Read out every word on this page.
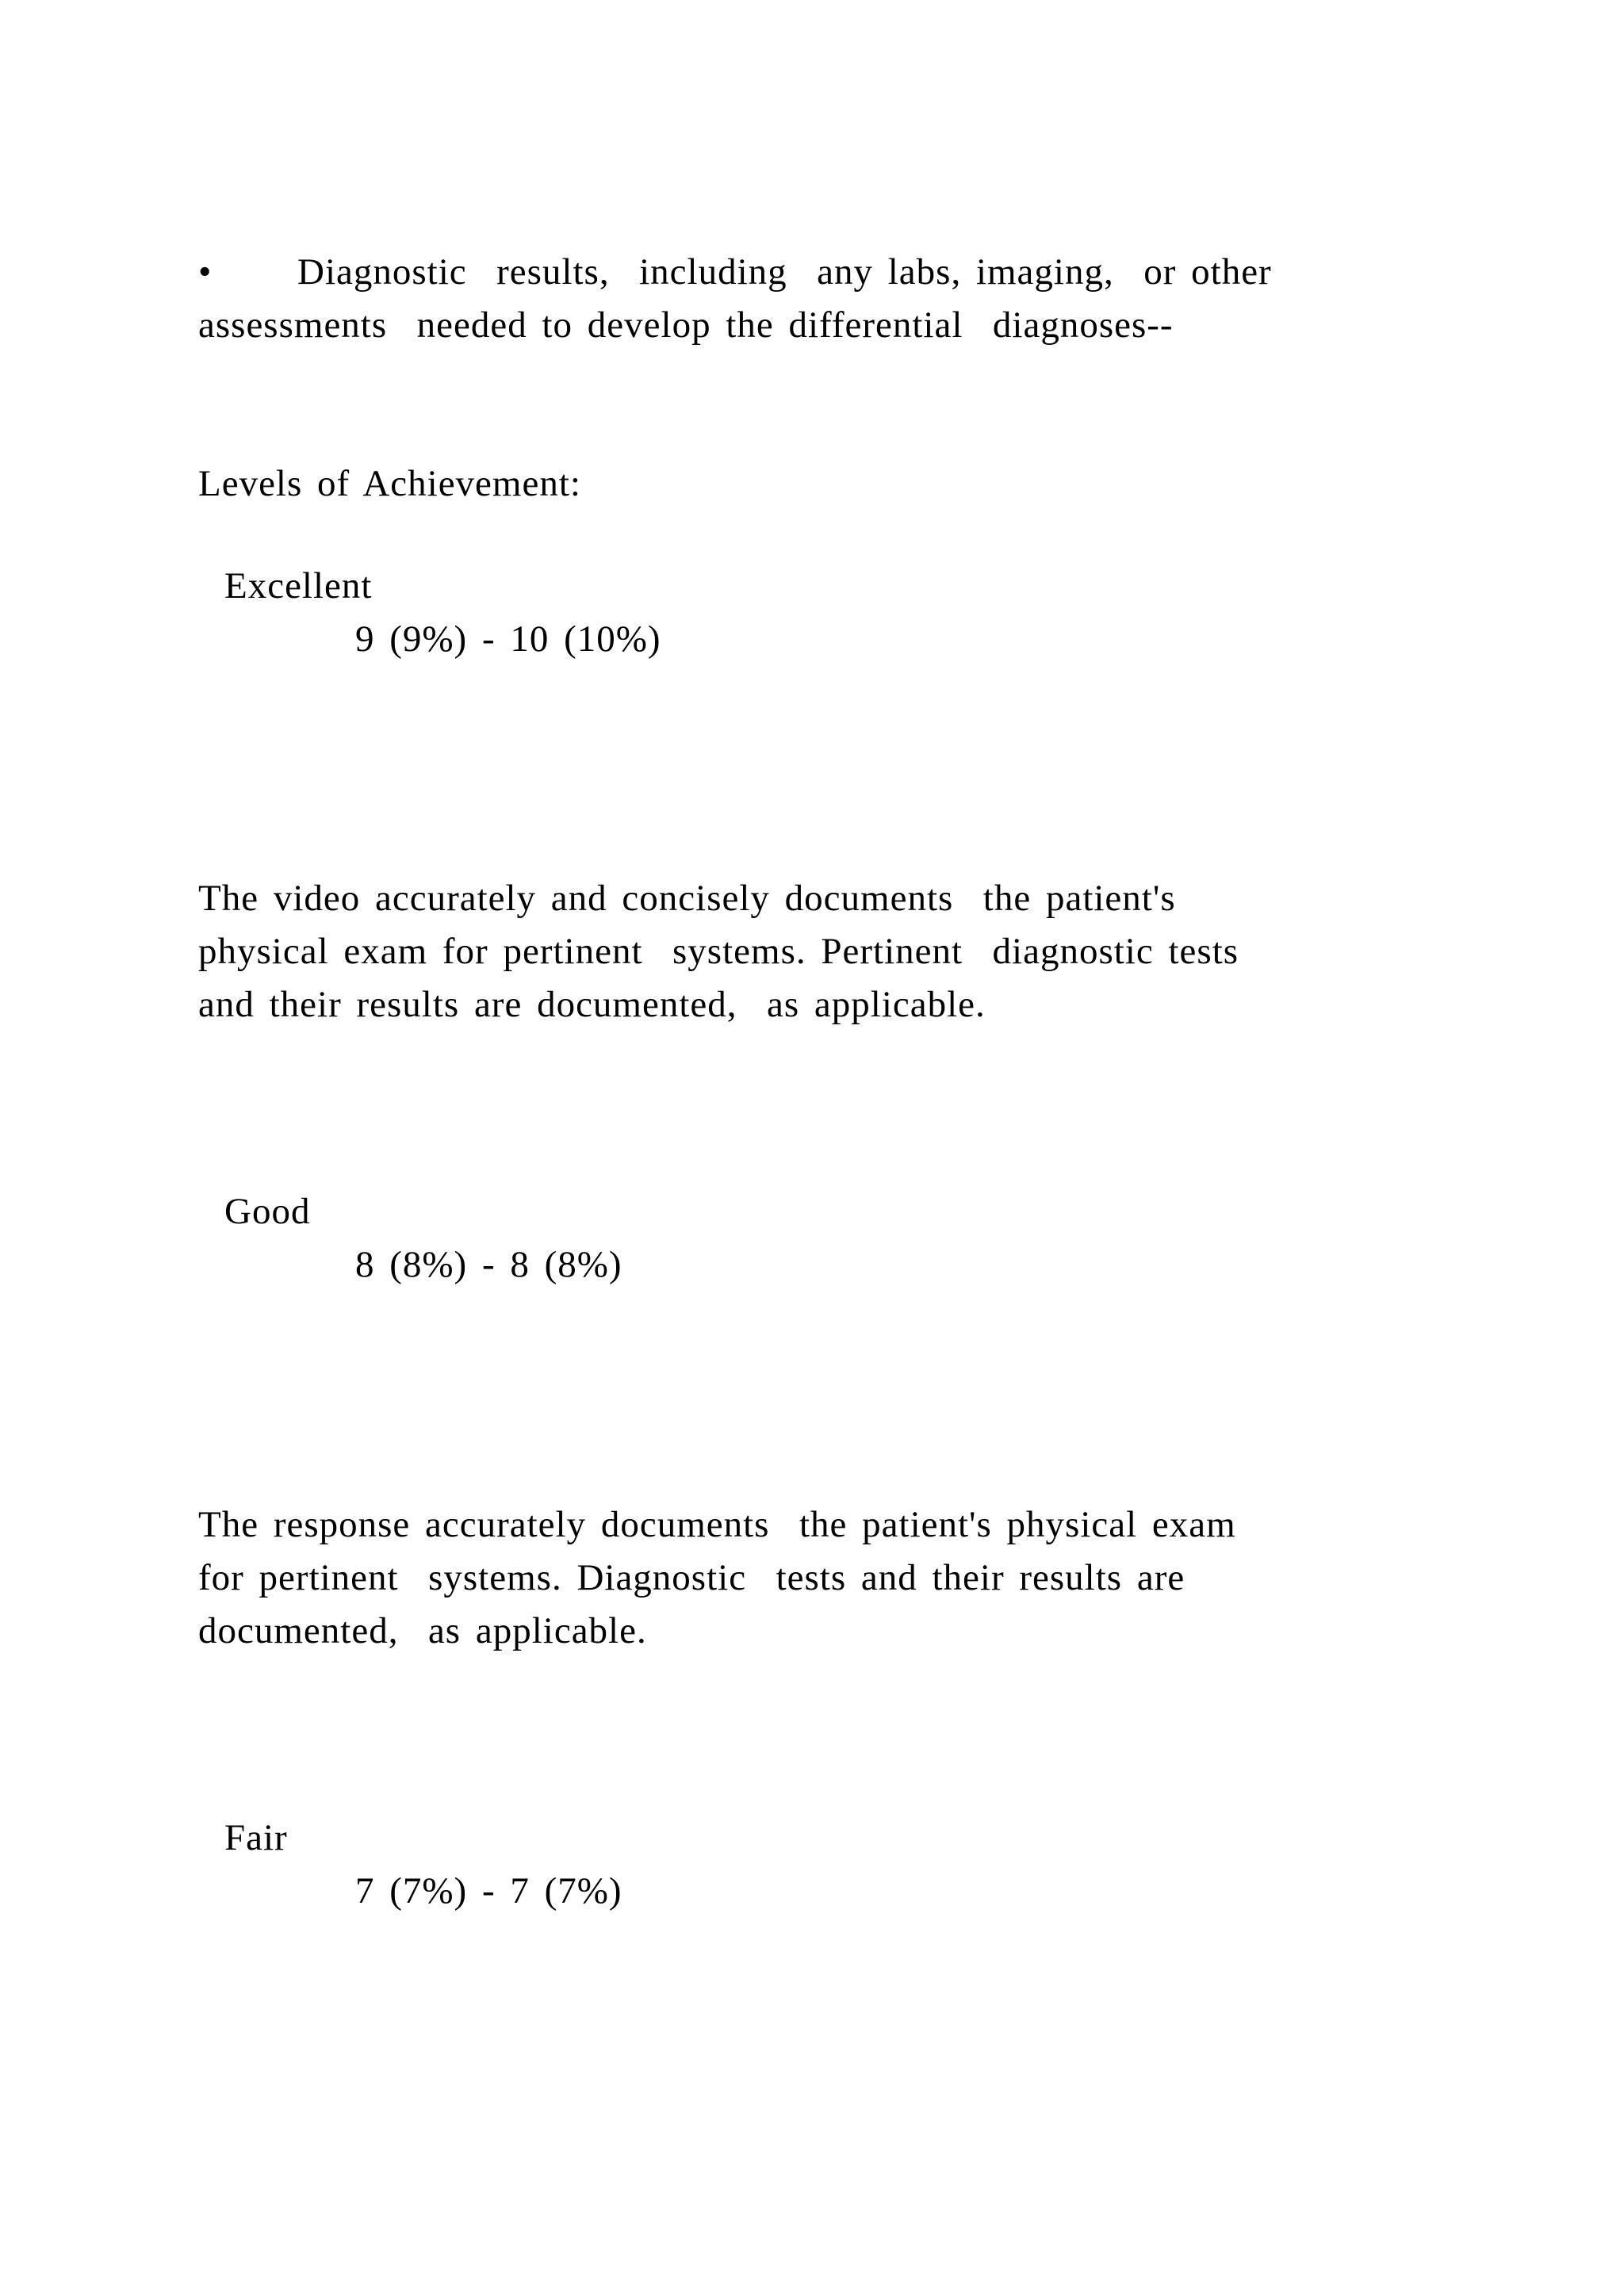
• Diagnostic  results,  including  any labs, imaging,  or other
assessments  needed to develop the differential  diagnoses--
Levels of Achievement:
Excellent
9 (9%) - 10 (10%)
The video accurately and concisely documents  the patient's
physical exam for pertinent  systems. Pertinent  diagnostic tests
and their results are documented,  as applicable.
Good
8 (8%) - 8 (8%)
The response accurately documents  the patient's physical exam
for pertinent  systems. Diagnostic  tests and their results are
documented,  as applicable.
Fair
7 (7%) - 7 (7%)
